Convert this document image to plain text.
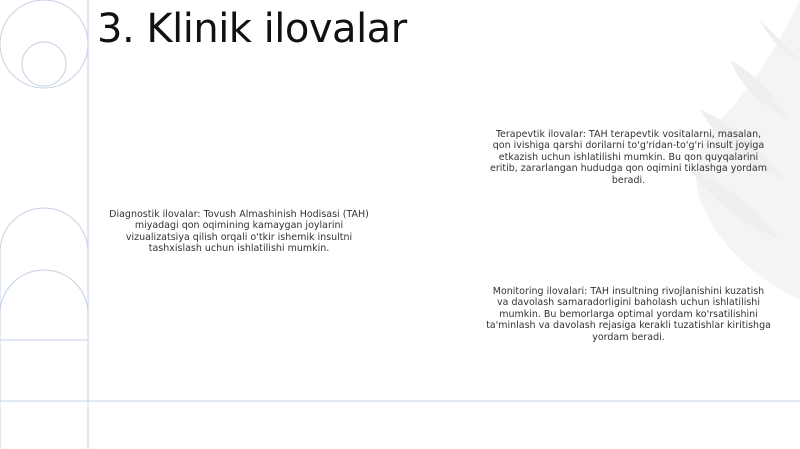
3. Klinik ilovalar
Diagnostik ilovalar: Tovush Almashinish Hodisasi (TAH) miyadagi qon oqimining kamaygan joylarini vizualizatsiya qilish orqali o'tkir ishemik insultni tashxislash uchun ishlatilishi mumkin.
Terapevtik ilovalar: TAH terapevtik vositalarni, masalan, qon ivishiga qarshi dorilarni to'g'ridan-to'g'ri insult joyiga etkazish uchun ishlatilishi mumkin. Bu qon quyqalarini eritib, zararlangan hududga qon oqimini tiklashga yordam beradi.
Monitoring ilovalari: TAH insultning rivojlanishini kuzatish va davolash samaradorligini baholash uchun ishlatilishi mumkin. Bu bemorlarga optimal yordam ko'rsatilishini ta'minlash va davolash rejasiga kerakli tuzatishlar kiritishga yordam beradi.
